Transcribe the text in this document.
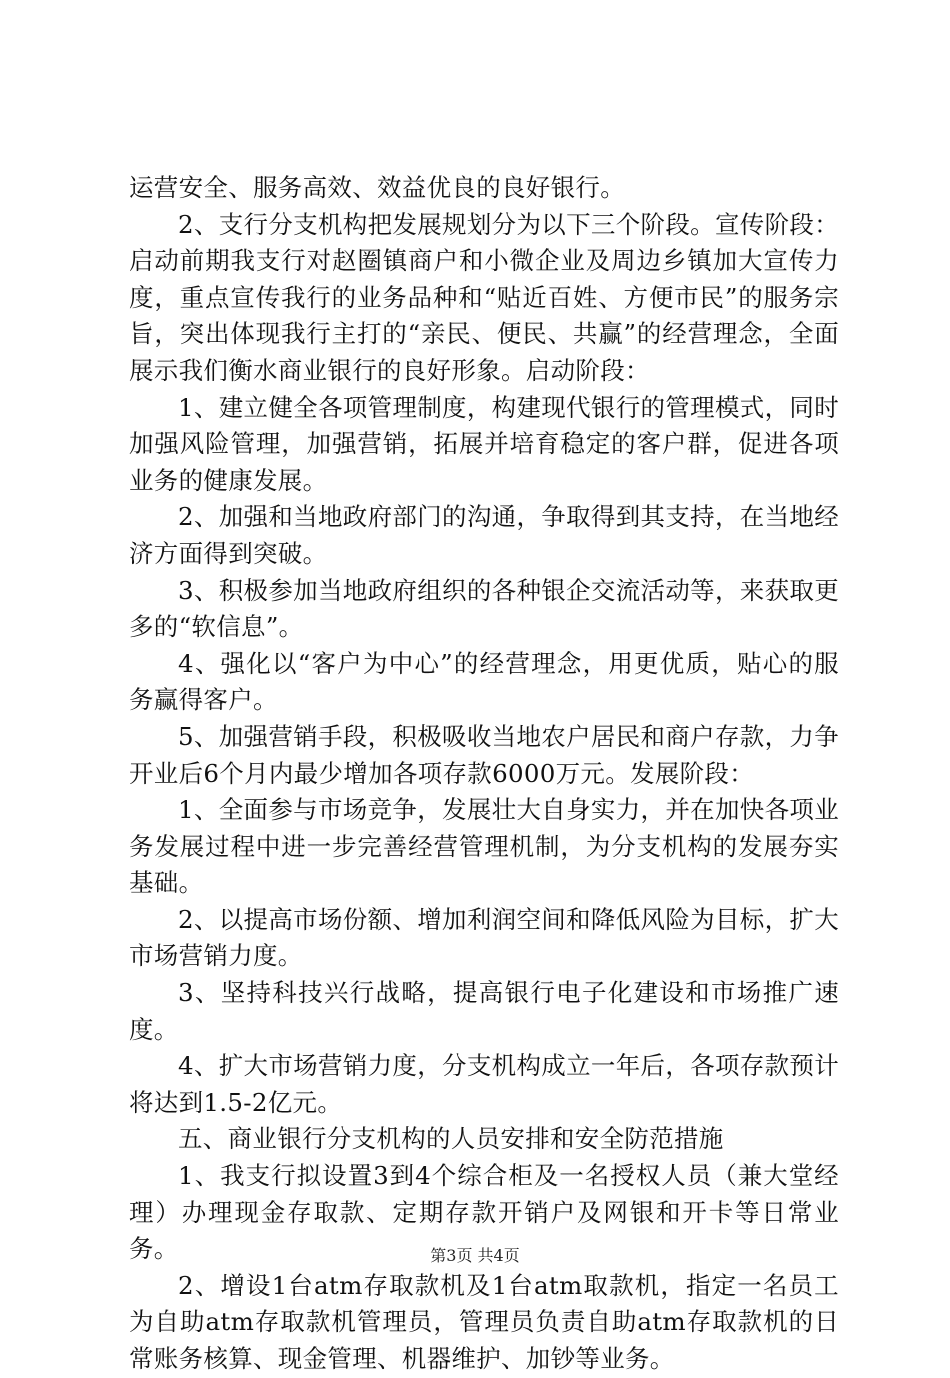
运营安全、服务高效、效益优良的良好银行。

2、支行分支机构把发展规划分为以下三个阶段。宣传阶段：启动前期我支行对赵圈镇商户和小微企业及周边乡镇加大宣传力度，重点宣传我行的业务品种和“贴近百姓、方便市民”的服务宗旨，突出体现我行主打的“亲民、便民、共赢”的经营理念，全面展示我们衡水商业银行的良好形象。启动阶段：

1、建立健全各项管理制度，构建现代银行的管理模式，同时加强风险管理，加强营销，拓展并培育稳定的客户群，促进各项业务的健康发展。

2、加强和当地政府部门的沟通，争取得到其支持，在当地经济方面得到突破。

3、积极参加当地政府组织的各种银企交流活动等，来获取更多的“软信息”。

4、强化以“客户为中心”的经营理念，用更优质，贴心的服务赢得客户。

5、加强营销手段，积极吸收当地农户居民和商户存款，力争开业后6个月内最少增加各项存款6000万元。发展阶段：

1、全面参与市场竞争，发展壮大自身实力，并在加快各项业务发展过程中进一步完善经营管理机制，为分支机构的发展夯实基础。

2、以提高市场份额、增加利润空间和降低风险为目标，扩大市场营销力度。

3、坚持科技兴行战略，提高银行电子化建设和市场推广速度。

4、扩大市场营销力度，分支机构成立一年后，各项存款预计将达到1.5-2亿元。

五、商业银行分支机构的人员安排和安全防范措施

1、我支行拟设置3到4个综合柜及一名授权人员（兼大堂经理）办理现金存取款、定期存款开销户及网银和开卡等日常业务。

2、增设1台atm存取款机及1台atm取款机，指定一名员工为自助atm存取款机管理员，管理员负责自助atm存取款机的日常账务核算、现金管理、机器维护、加钞等业务。

第3页 共4页
